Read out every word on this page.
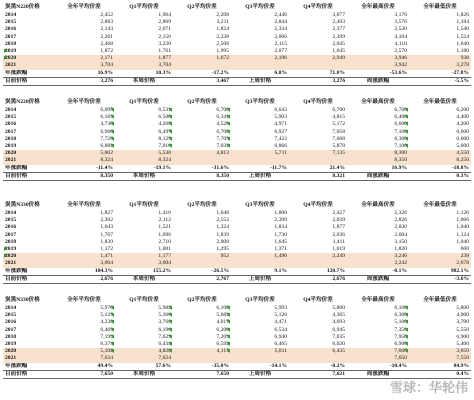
炭黑N220价格	全年平均价差	Q1平均价差	Q2平均价差	Q3平均价差	Q4平均价差	全年最高价差	全年最低价差
2014	2,452	1,964	2,208	2,446	3,077	3,176	1,826
2015	2,883	2,869	3,211	2,844	2,493	3,576	1,184
2016	2,143	2,071	1,824	2,334	2,377	2,530	1,540
2017	2,261	2,156	2,338	2,066	2,399	4,104	1,524
2018	2,468	3,220	2,508	2,115	2,045	4,110	1,640
2019	1,872	1,761	1,995	2,077	1,645	2,570	1,180
2020	2,171	1,877	1,672	2,196	2,949	3,946	938
2021	3,704	3,704				3,942	3,278
年涨跌幅	16.9%	10.3%	-17.2%	6.0%	71.8%	-53.6%	-27.8%
目前价格	3,276	本周价格	3,467	上周价格	3,276	周涨跌幅	-5.5%
炭黑N220价格	全年平均价差	Q1平均价差	Q2平均价差	Q3平均价差	Q4平均价差	全年最高价差	全年最低价差
2014	6,095	6,531	6,700	6,643	6,700	6,700	6,200
2015	6,169	6,500	6,341	5,903	4,815	6,400	4,400
2016	4,736	4,268	4,520	4,971	5,172	6,600	4,200
2017	6,966	6,497	6,700	6,927	7,058	7,100	6,600
2018	7,728	8,129	7,703	7,422	7,668	8,300	6,600
2019	6,882	7,010	7,032	6,866	5,878	7,100	5,600
2020	5,802	5,538	4,813	5,711	7,135	8,300	4,550
2021	8,324	8,324				8,350	8,250
年涨跌幅	-11.4%	-19.1%	-31.6%	-11.7%	21.4%	16.9%	-18.8%
目前价格	8,350	本周价格	8,350	上周价格	8,321	周涨跌幅	0.3%
炭黑N330价格	全年平均价差	Q1平均价差	Q2平均价差	Q3平均价差	Q4平均价差	全年最高价差	全年最低价差
2014	1,827	1,416	1,648	1,806	2,427	2,326	1,126
2015	2,302	2,112	2,552	2,399	2,039	2,826	1,066
2016	1,643	1,521	1,324	1,834	1,877	2,030	1,040
2017	1,767	1,696	1,839	1,730	2,036	2,604	1,124
2018	1,839	2,710	2,008	1,645	1,411	3,150	1,040
2019	1,172	1,001	1,295	1,371	1,019	1,820	600
2020	1,471	1,177	952	1,496	2,249	3,246	238
2021	3,004	3,004				3,242	2,678
年涨跌幅	104.3%	155.2%	-26.5%	9.1%	120.7%	-0.1%	982.1%
目前价格	2,676	本周价格	2,767	上周价格	2,676	周涨跌幅	-3.6%
炭黑N330价格	全年平均价差	Q1平均价差	Q2平均价差	Q3平均价差	Q4平均价差	全年最高价差	全年最低价差
2014	5,970	5,982	6,100	5,993	5,800	6,100	5,800
2015	5,129	5,366	5,682	5,126	4,365	6,300	4,000
2016	4,238	3,768	4,017	4,471	4,693	5,100	3,700
2017	6,469	6,196	6,200	6,534	6,945	7,350	5,550
2018	7,199	7,629	7,203	6,940	7,035	7,950	6,900
2019	6,374	6,434	6,592	6,465	6,020	6,900	5,400
2020	5,102	4,828	4,113	5,011	6,435	7,600	3,650
2021	7,624	7,624				7,650	7,550
年涨跌幅	49.4%	57.6%	-35.0%	-14.1%	-0.2%	-10.4%	84.9%
目前价格	7,650	本周价格	7,650	上周价格	7,621	周涨跌幅	0.4%
雪球：华轮伟
